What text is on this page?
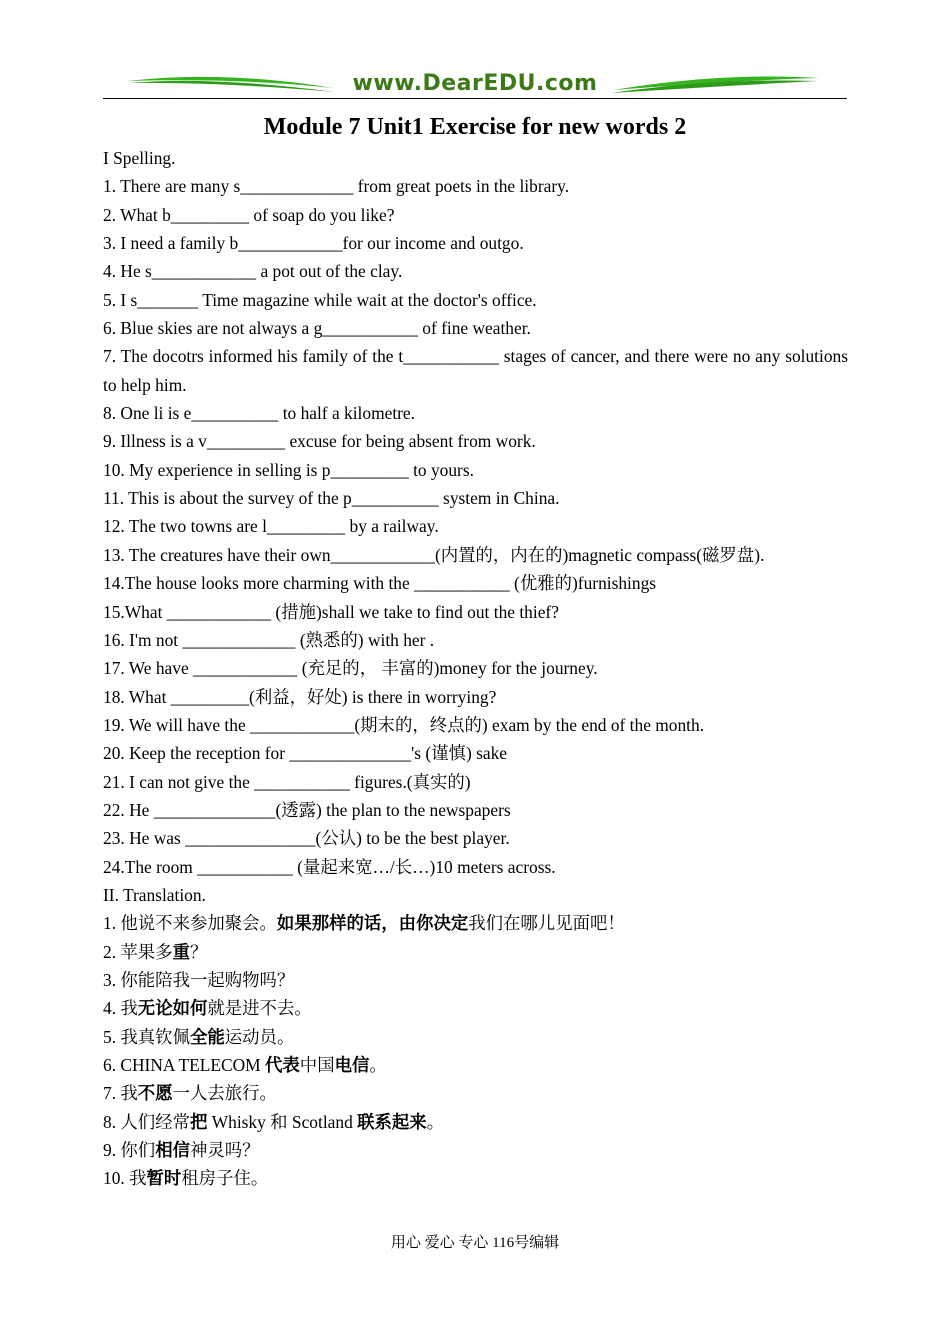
www.DearEDU.com
Module 7 Unit1 Exercise for new words 2
I Spelling.
1. There are many s_____________ from great poets in the library.
2. What b_________ of soap do you like?
3. I need a family b____________for our income and outgo.
4. He s____________ a pot out of the clay.
5. I s_______ Time magazine while wait at the doctor's office.
6. Blue skies are not always a g___________ of fine weather.
7. The docotrs informed his family of the t___________ stages of cancer, and there were no any solutions to help him.
8. One li is e__________ to half a kilometre.
9. Illness is a v_________ excuse for being absent from work.
10. My experience in selling is p_________ to yours.
11. This is about the survey of the p__________ system in China.
12. The two towns are l_________ by a railway.
13. The creatures have their own____________(内置的，内在的)magnetic compass(磁罗盘).
14.The house looks more charming with the ___________ (优雅的)furnishings
15.What ____________ (措施)shall we take to find out the thief?
16. I'm not _____________ (熟悉的) with her .
17. We have ____________ (充足的， 丰富的)money for the journey.
18. What _________(利益，好处) is there in worrying?
19. We will have the ____________(期末的，终点的) exam by the end of the month.
20. Keep the reception for ______________'s (谨慎) sake
21. I can not give the ___________ figures.(真实的)
22. He ______________(透露) the plan to the newspapers
23. He was _______________(公认) to be the best player.
24.The room ___________ (量起来宽…/长…)10 meters across.
II. Translation.
1. 他说不来参加聚会。如果那样的话，由你决定我们在哪儿见面吧！
2. 苹果多重？
3. 你能陪我一起购物吗？
4. 我无论如何就是进不去。
5. 我真钦佩全能运动员。
6. CHINA TELECOM 代表中国电信。
7. 我不愿一人去旅行。
8. 人们经常把 Whisky 和 Scotland 联系起来。
9. 你们相信神灵吗？
10. 我暂时租房子住。
用心 爱心 专心 116号编辑
